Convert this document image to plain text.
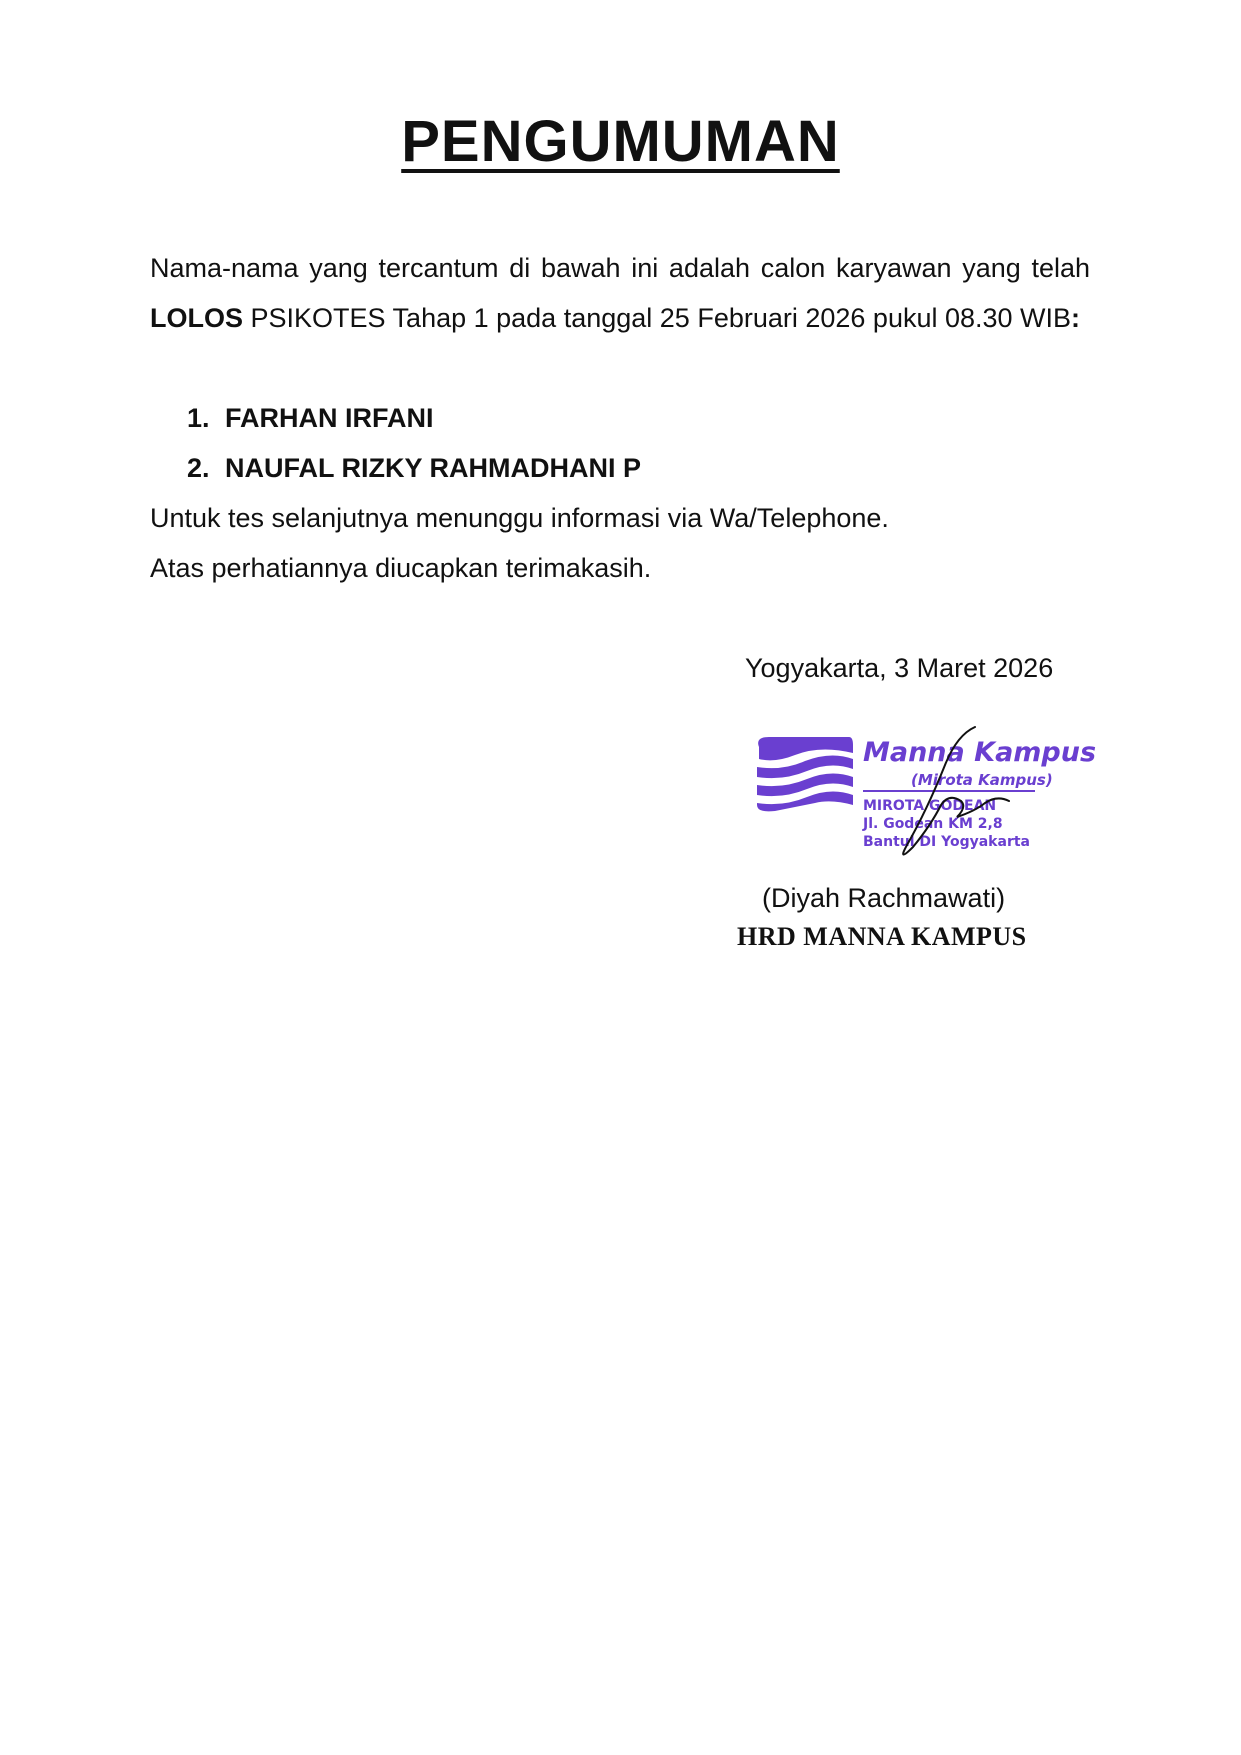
PENGUMUMAN
Nama-nama yang tercantum di bawah ini adalah calon karyawan yang telah LOLOS PSIKOTES Tahap 1 pada tanggal 25 Februari 2026 pukul 08.30 WIB:
1. FARHAN IRFANI
2. NAUFAL RIZKY RAHMADHANI P
Untuk tes selanjutnya menunggu informasi via Wa/Telephone.
Atas perhatiannya diucapkan terimakasih.
Yogyakarta, 3 Maret 2026
Manna Kampus
(Mirota Kampus)
MIROTA GODEAN
Jl. Godean KM 2,8
Bantul DI Yogyakarta
(Diyah Rachmawati)
HRD MANNA KAMPUS
